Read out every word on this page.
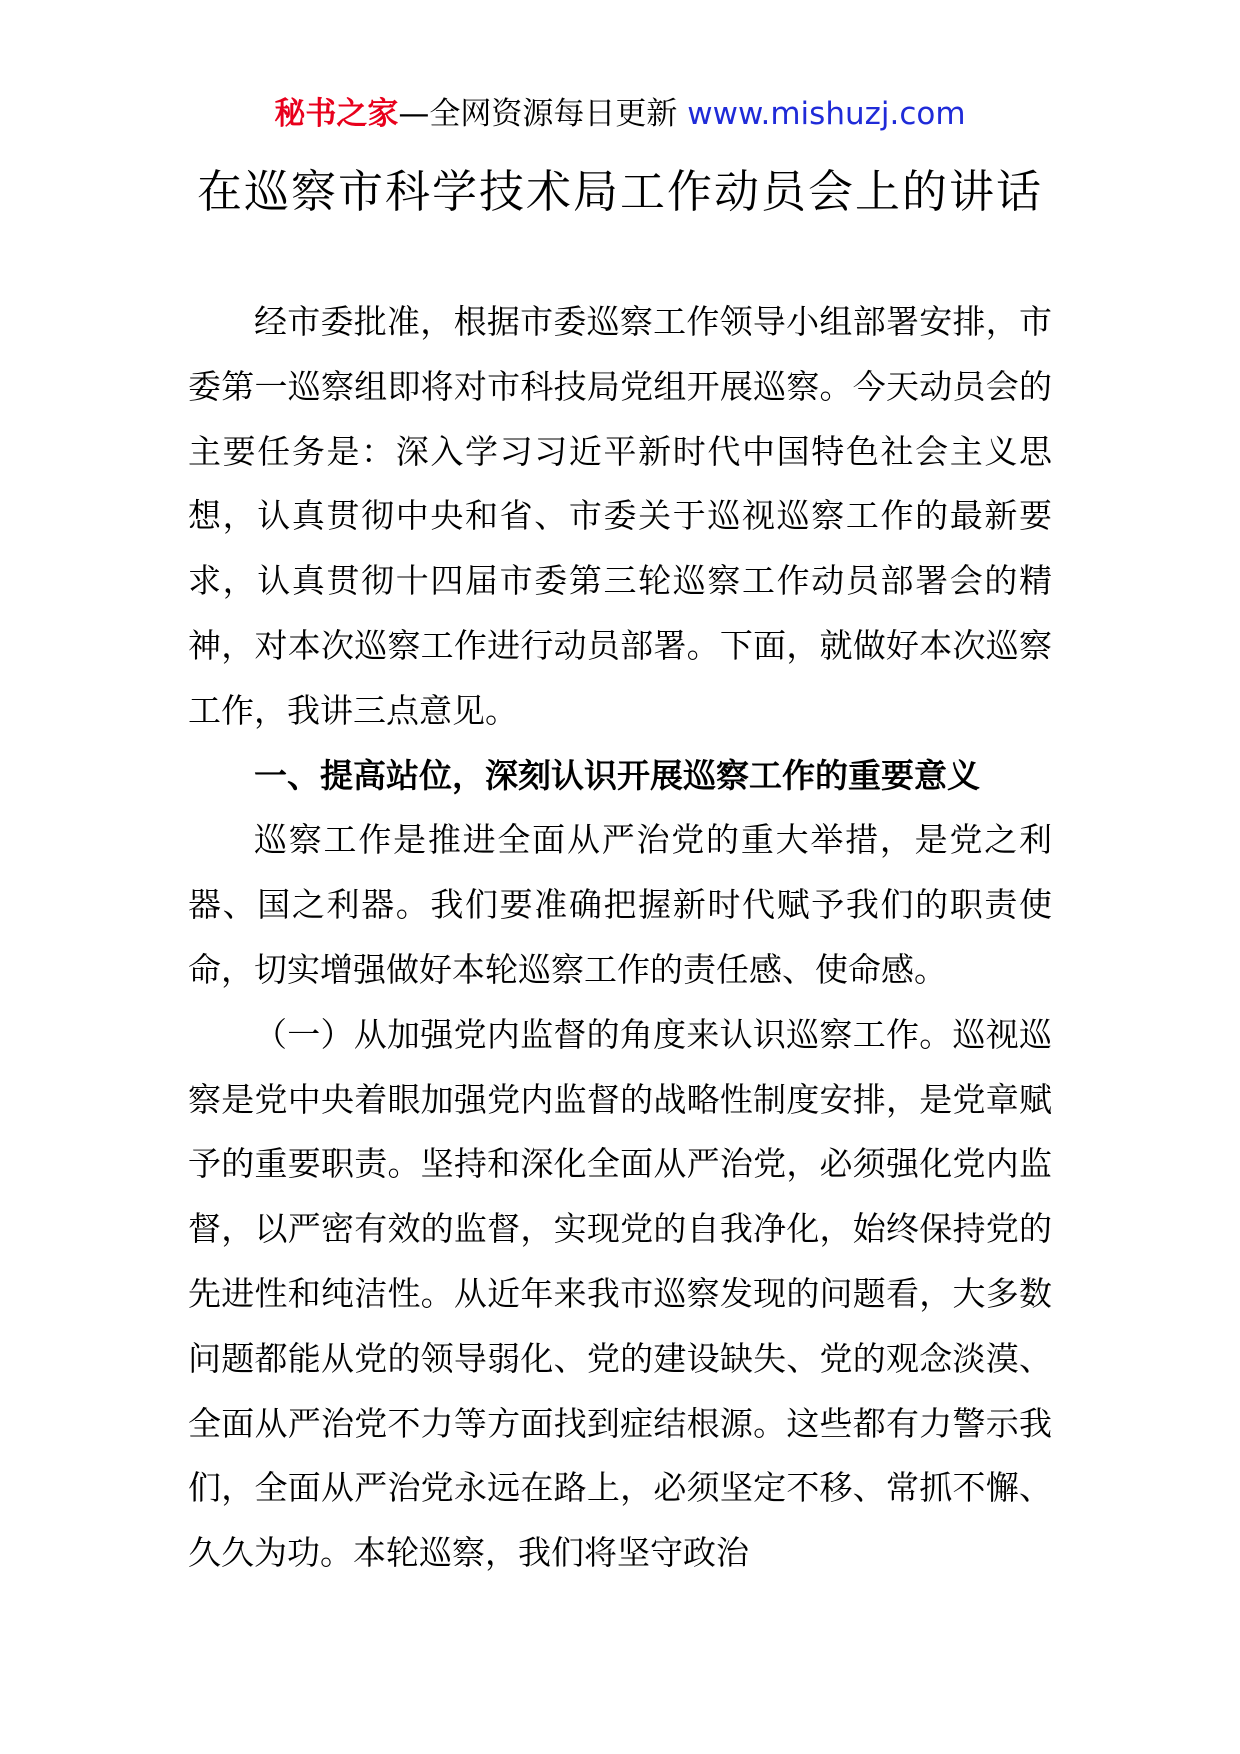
秘书之家—全网资源每日更新 www.mishuzj.com
在巡察市科学技术局工作动员会上的讲话

经市委批准，根据市委巡察工作领导小组部署安排，市委第一巡察组即将对市科技局党组开展巡察。今天动员会的主要任务是：深入学习习近平新时代中国特色社会主义思想，认真贯彻中央和省、市委关于巡视巡察工作的最新要求，认真贯彻十四届市委第三轮巡察工作动员部署会的精神，对本次巡察工作进行动员部署。下面，就做好本次巡察工作，我讲三点意见。

一、提高站位，深刻认识开展巡察工作的重要意义

巡察工作是推进全面从严治党的重大举措，是党之利器、国之利器。我们要准确把握新时代赋予我们的职责使命，切实增强做好本轮巡察工作的责任感、使命感。

（一）从加强党内监督的角度来认识巡察工作。巡视巡察是党中央着眼加强党内监督的战略性制度安排，是党章赋予的重要职责。坚持和深化全面从严治党，必须强化党内监督，以严密有效的监督，实现党的自我净化，始终保持党的先进性和纯洁性。从近年来我市巡察发现的问题看，大多数问题都能从党的领导弱化、党的建设缺失、党的观念淡漠、全面从严治党不力等方面找到症结根源。这些都有力警示我们，全面从严治党永远在路上，必须坚定不移、常抓不懈、久久为功。本轮巡察，我们将坚守政治
